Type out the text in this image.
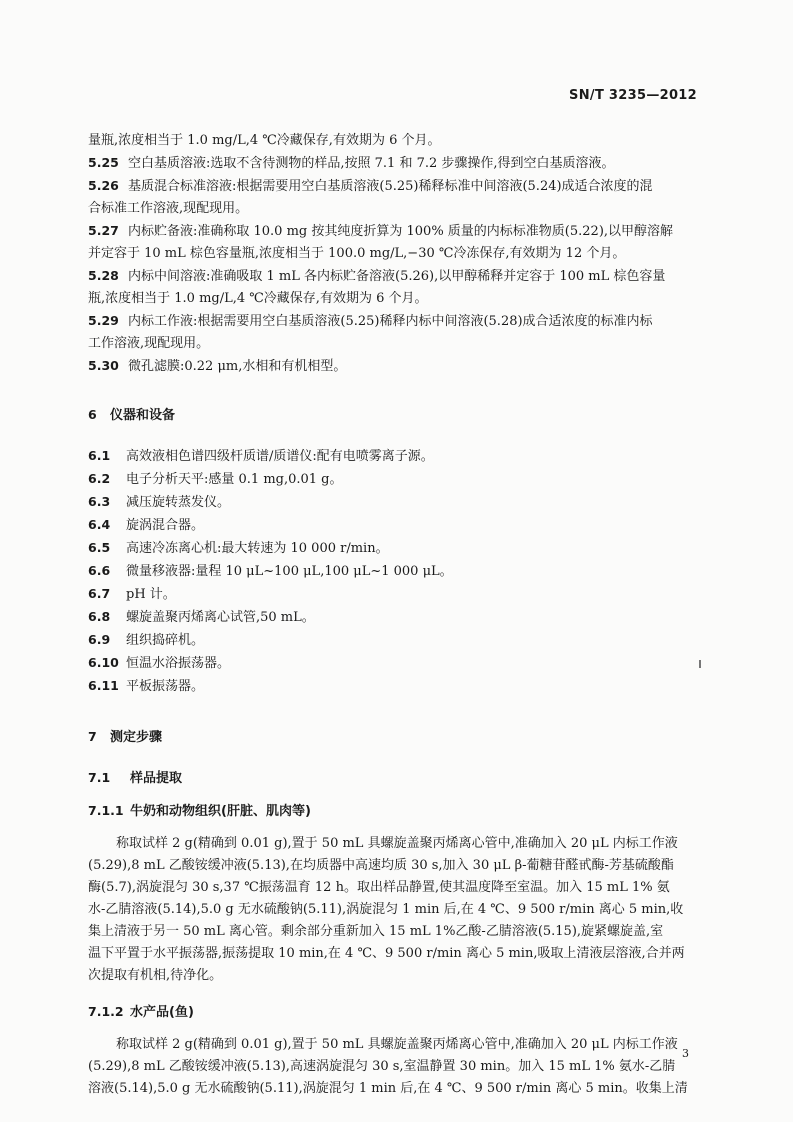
SN/T 3235—2012

量瓶,浓度相当于 1.0 mg/L,4 ℃冷藏保存,有效期为 6 个月。

5.25 空白基质溶液:选取不含待测物的样品,按照 7.1 和 7.2 步骤操作,得到空白基质溶液。

5.26 基质混合标准溶液:根据需要用空白基质溶液(5.25)稀释标准中间溶液(5.24)成适合浓度的混

合标准工作溶液,现配现用。

5.27 内标贮备液:准确称取 10.0 mg 按其纯度折算为 100% 质量的内标标准物质(5.22),以甲醇溶解

并定容于 10 mL 棕色容量瓶,浓度相当于 100.0 mg/L,−30 ℃冷冻保存,有效期为 12 个月。

5.28 内标中间溶液:准确吸取 1 mL 各内标贮备溶液(5.26),以甲醇稀释并定容于 100 mL 棕色容量

瓶,浓度相当于 1.0 mg/L,4 ℃冷藏保存,有效期为 6 个月。

5.29 内标工作液:根据需要用空白基质溶液(5.25)稀释内标中间溶液(5.28)成合适浓度的标准内标

工作溶液,现配现用。

5.30 微孔滤膜:0.22 μm,水相和有机相型。

6 仪器和设备

6.1 高效液相色谱四级杆质谱/质谱仪:配有电喷雾离子源。

6.2 电子分析天平:感量 0.1 mg,0.01 g。

6.3 减压旋转蒸发仪。

6.4 旋涡混合器。

6.5 高速冷冻离心机:最大转速为 10 000 r/min。

6.6 微量移液器:量程 10 μL~100 μL,100 μL~1 000 μL。

6.7 pH 计。

6.8 螺旋盖聚丙烯离心试管,50 mL。

6.9 组织捣碎机。

6.10 恒温水浴振荡器。

6.11 平板振荡器。

7 测定步骤
7.1 样品提取
7.1.1 牛奶和动物组织(肝脏、肌肉等)

称取试样 2 g(精确到 0.01 g),置于 50 mL 具螺旋盖聚丙烯离心管中,准确加入 20 μL 内标工作液

(5.29),8 mL 乙酸铵缓冲液(5.13),在均质器中高速均质 30 s,加入 30 μL β-葡糖苷醛甙酶-芳基硫酸酯

酶(5.7),涡旋混匀 30 s,37 ℃振荡温育 12 h。取出样品静置,使其温度降至室温。加入 15 mL 1% 氨

水-乙腈溶液(5.14),5.0 g 无水硫酸钠(5.11),涡旋混匀 1 min 后,在 4 ℃、9 500 r/min 离心 5 min,收

集上清液于另一 50 mL 离心管。剩余部分重新加入 15 mL 1%乙酸-乙腈溶液(5.15),旋紧螺旋盖,室

温下平置于水平振荡器,振荡提取 10 min,在 4 ℃、9 500 r/min 离心 5 min,吸取上清液层溶液,合并两

次提取有机相,待净化。

7.1.2 水产品(鱼)

称取试样 2 g(精确到 0.01 g),置于 50 mL 具螺旋盖聚丙烯离心管中,准确加入 20 μL 内标工作液

(5.29),8 mL 乙酸铵缓冲液(5.13),高速涡旋混匀 30 s,室温静置 30 min。加入 15 mL 1% 氨水-乙腈

溶液(5.14),5.0 g 无水硫酸钠(5.11),涡旋混匀 1 min 后,在 4 ℃、9 500 r/min 离心 5 min。收集上清

3
